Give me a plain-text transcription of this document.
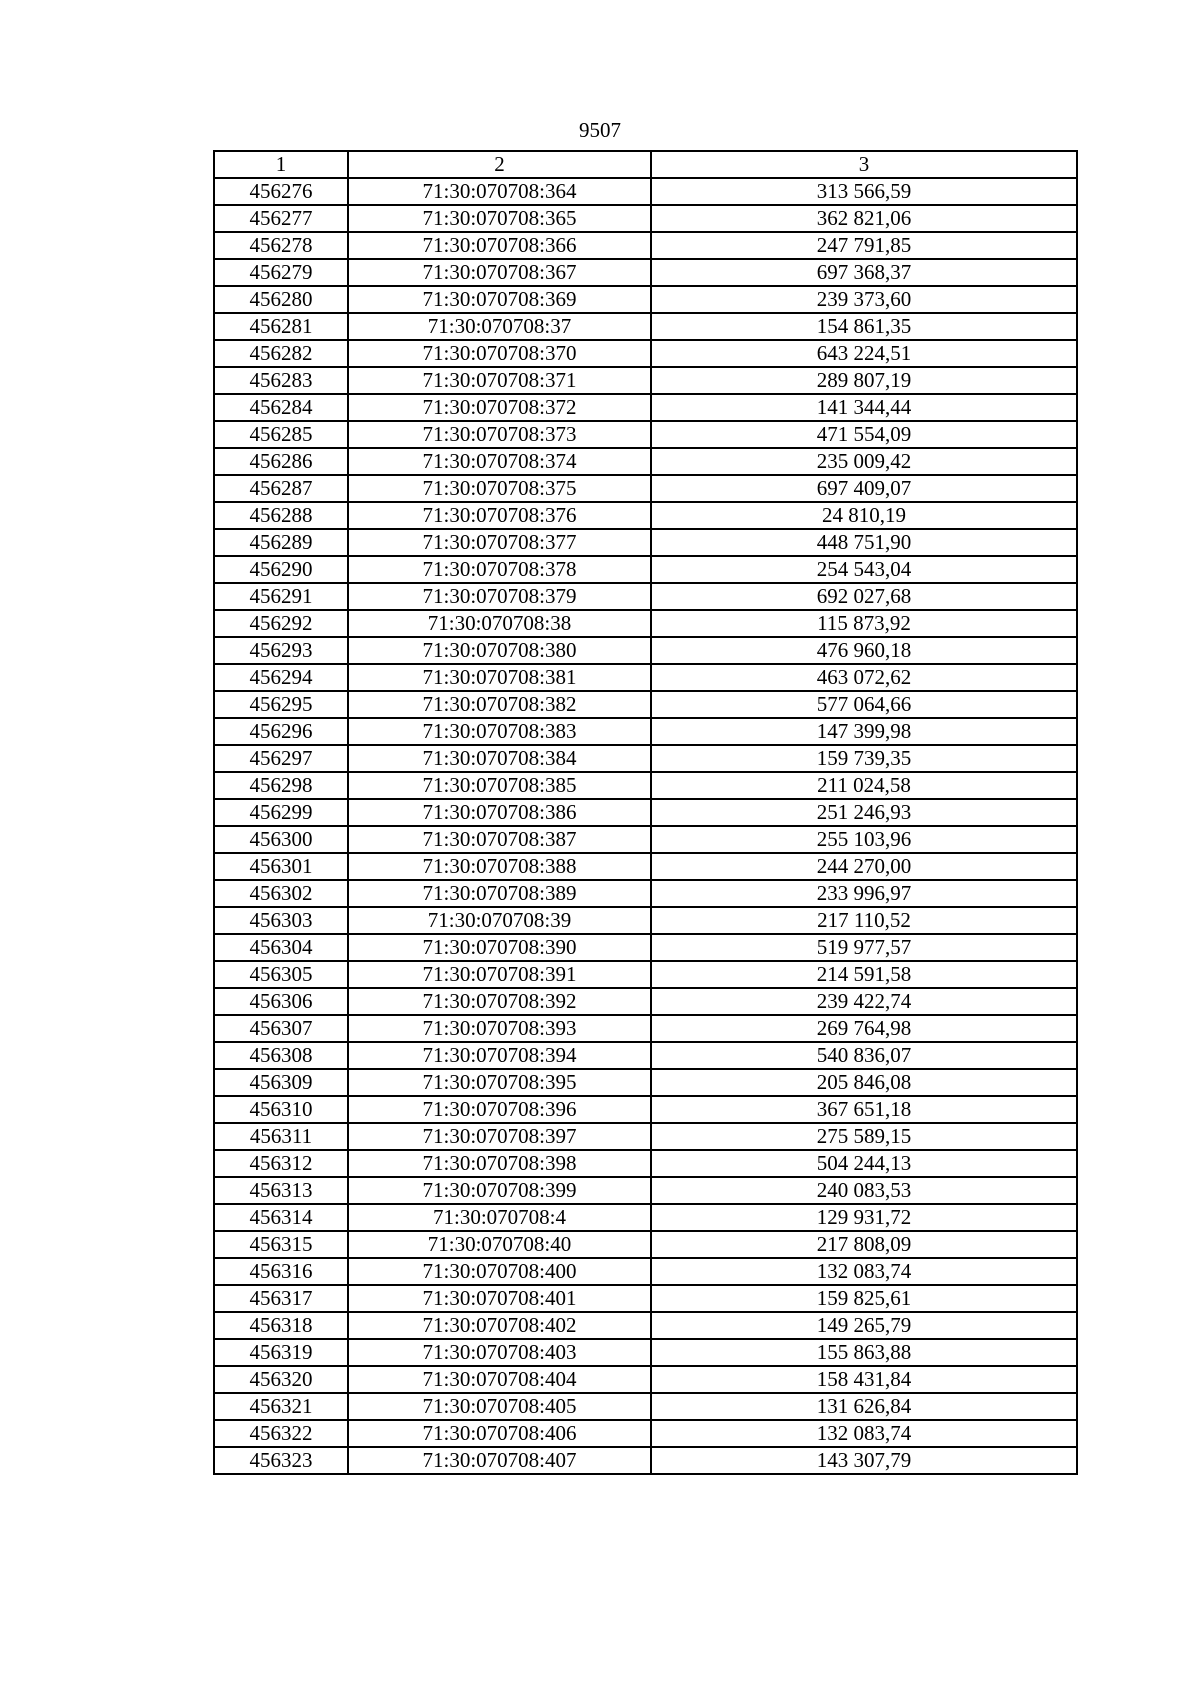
9507
1	2	3
456276	71:30:070708:364	313 566,59
456277	71:30:070708:365	362 821,06
456278	71:30:070708:366	247 791,85
456279	71:30:070708:367	697 368,37
456280	71:30:070708:369	239 373,60
456281	71:30:070708:37	154 861,35
456282	71:30:070708:370	643 224,51
456283	71:30:070708:371	289 807,19
456284	71:30:070708:372	141 344,44
456285	71:30:070708:373	471 554,09
456286	71:30:070708:374	235 009,42
456287	71:30:070708:375	697 409,07
456288	71:30:070708:376	24 810,19
456289	71:30:070708:377	448 751,90
456290	71:30:070708:378	254 543,04
456291	71:30:070708:379	692 027,68
456292	71:30:070708:38	115 873,92
456293	71:30:070708:380	476 960,18
456294	71:30:070708:381	463 072,62
456295	71:30:070708:382	577 064,66
456296	71:30:070708:383	147 399,98
456297	71:30:070708:384	159 739,35
456298	71:30:070708:385	211 024,58
456299	71:30:070708:386	251 246,93
456300	71:30:070708:387	255 103,96
456301	71:30:070708:388	244 270,00
456302	71:30:070708:389	233 996,97
456303	71:30:070708:39	217 110,52
456304	71:30:070708:390	519 977,57
456305	71:30:070708:391	214 591,58
456306	71:30:070708:392	239 422,74
456307	71:30:070708:393	269 764,98
456308	71:30:070708:394	540 836,07
456309	71:30:070708:395	205 846,08
456310	71:30:070708:396	367 651,18
456311	71:30:070708:397	275 589,15
456312	71:30:070708:398	504 244,13
456313	71:30:070708:399	240 083,53
456314	71:30:070708:4	129 931,72
456315	71:30:070708:40	217 808,09
456316	71:30:070708:400	132 083,74
456317	71:30:070708:401	159 825,61
456318	71:30:070708:402	149 265,79
456319	71:30:070708:403	155 863,88
456320	71:30:070708:404	158 431,84
456321	71:30:070708:405	131 626,84
456322	71:30:070708:406	132 083,74
456323	71:30:070708:407	143 307,79
